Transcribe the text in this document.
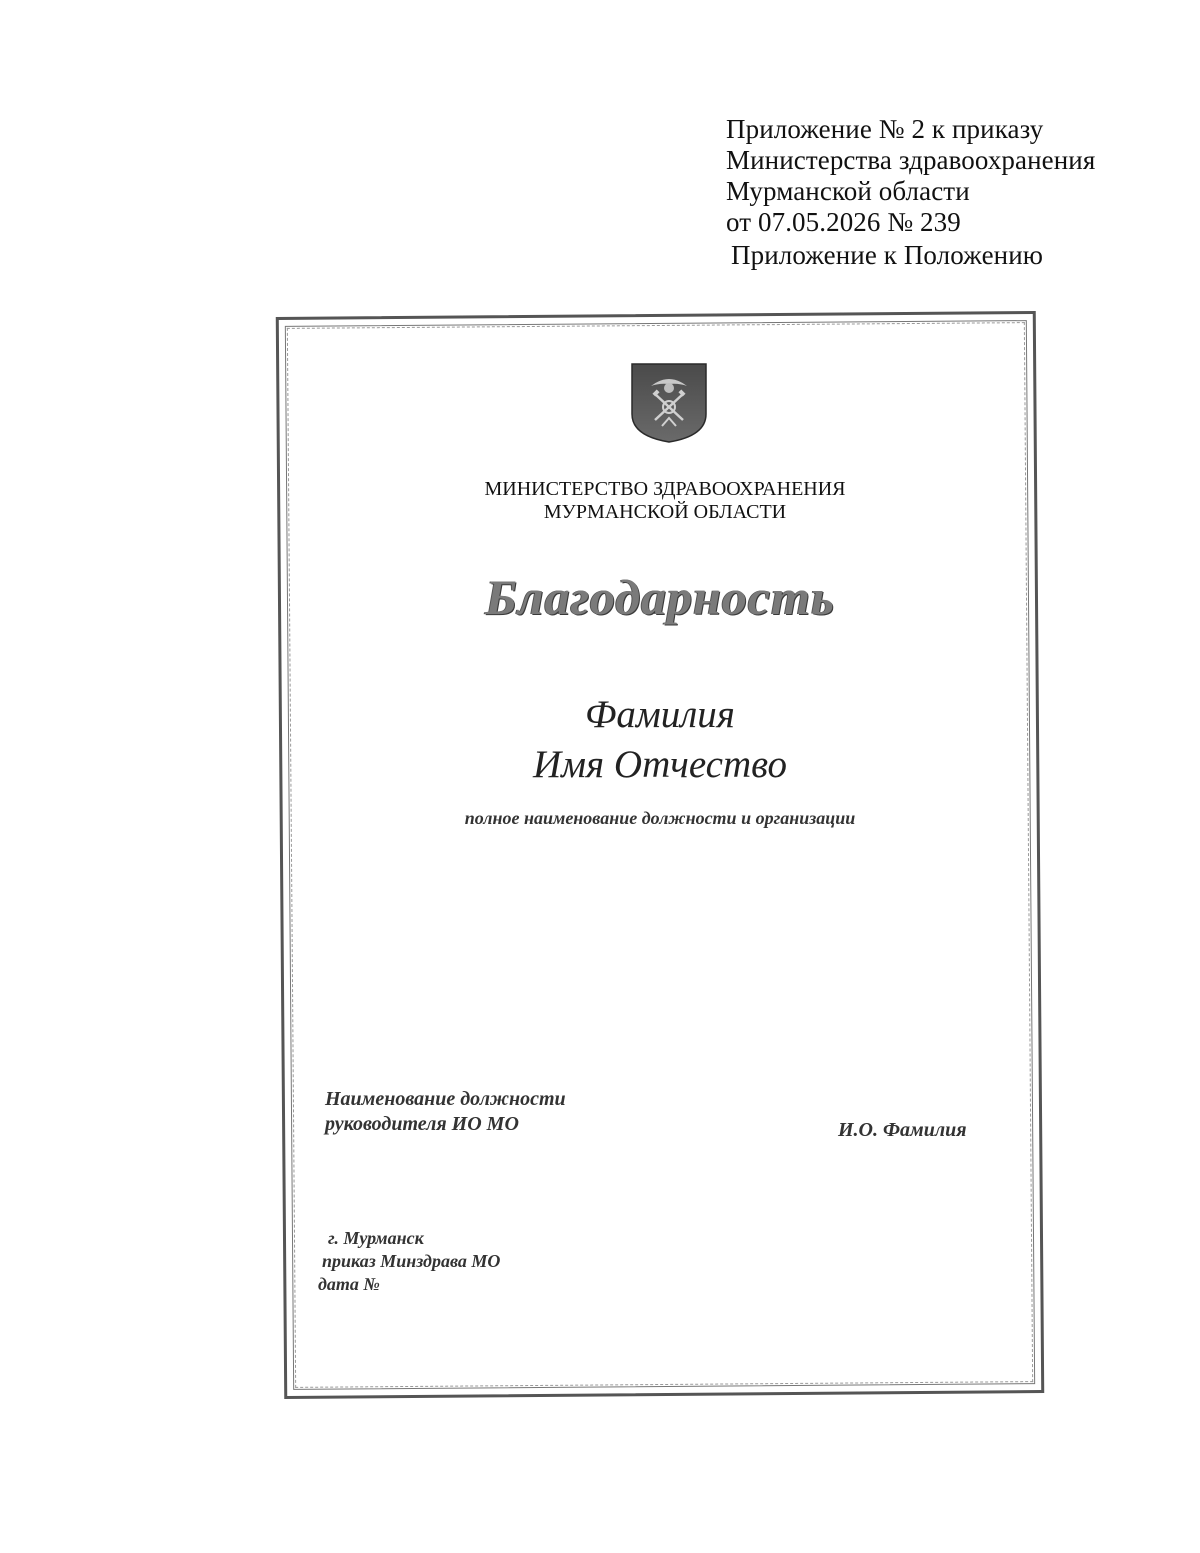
Приложение № 2 к приказу
Министерства здравоохранения
Мурманской области
от 07.05.2026 № 239
Приложение к Положению
МИНИСТЕРСТВО ЗДРАВООХРАНЕНИЯ
МУРМАНСКОЙ ОБЛАСТИ
Благодарность
Фамилия
Имя Отчество
полное наименование должности и организации
Наименование должности
руководителя ИО МО	И.О. Фамилия
г. Мурманск
приказ Минздрава МО
дата №
